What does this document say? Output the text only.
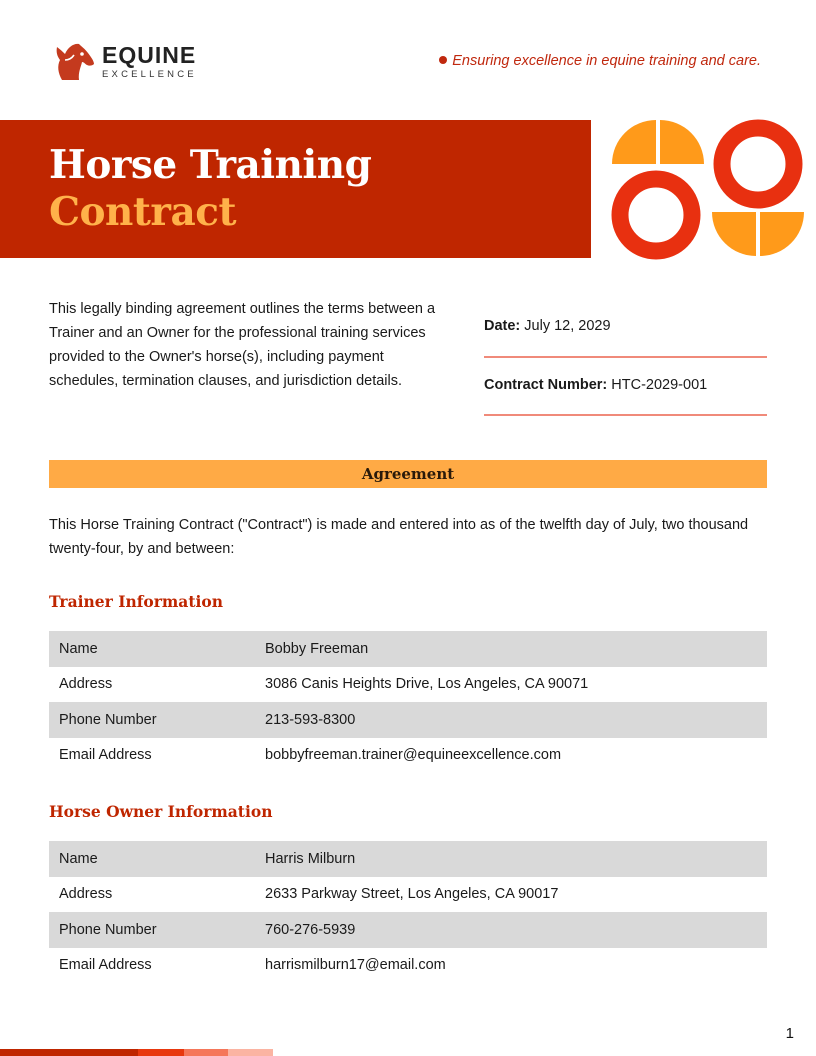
EQUINE
EXCELLENCE
Ensuring excellence in equine training and care.
Horse Training
Contract
This legally binding agreement outlines the terms between a Trainer and an Owner for the professional training services provided to the Owner's horse(s), including payment schedules, termination clauses, and jurisdiction details.
Date: July 12, 2029
Contract Number: HTC-2029-001
Agreement
This Horse Training Contract ("Contract") is made and entered into as of the twelfth day of July, two thousand twenty-four, by and between:
Trainer Information
Name	Bobby Freeman
Address	3086 Canis Heights Drive, Los Angeles, CA 90071
Phone Number	213-593-8300
Email Address	bobbyfreeman.trainer@equineexcellence.com
Horse Owner Information
Name	Harris Milburn
Address	2633 Parkway Street, Los Angeles, CA 90017
Phone Number	760-276-5939
Email Address	harrismilburn17@email.com
1
